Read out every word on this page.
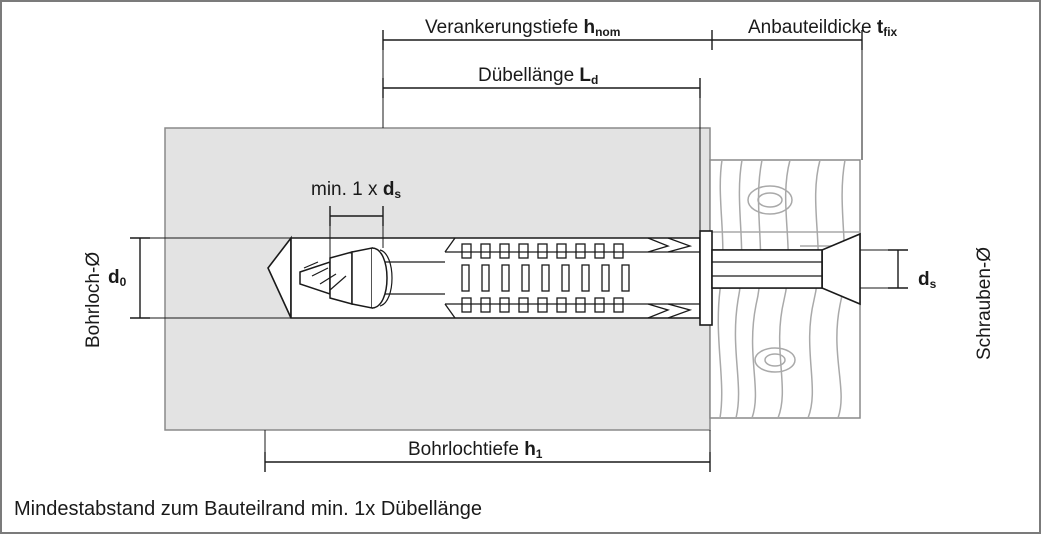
Verankerungstiefe $h_{nom}$	Anbauteildicke $t_{fix}$
Dübellänge $L_d$
min. 1 x $d_s$
Bohrloch-Ø $d_0$	Schrauben-Ø
$d_s$
Bohrlochtiefe $h_1$
Mindestabstand zum Bauteilrand min. 1x Dübellänge
